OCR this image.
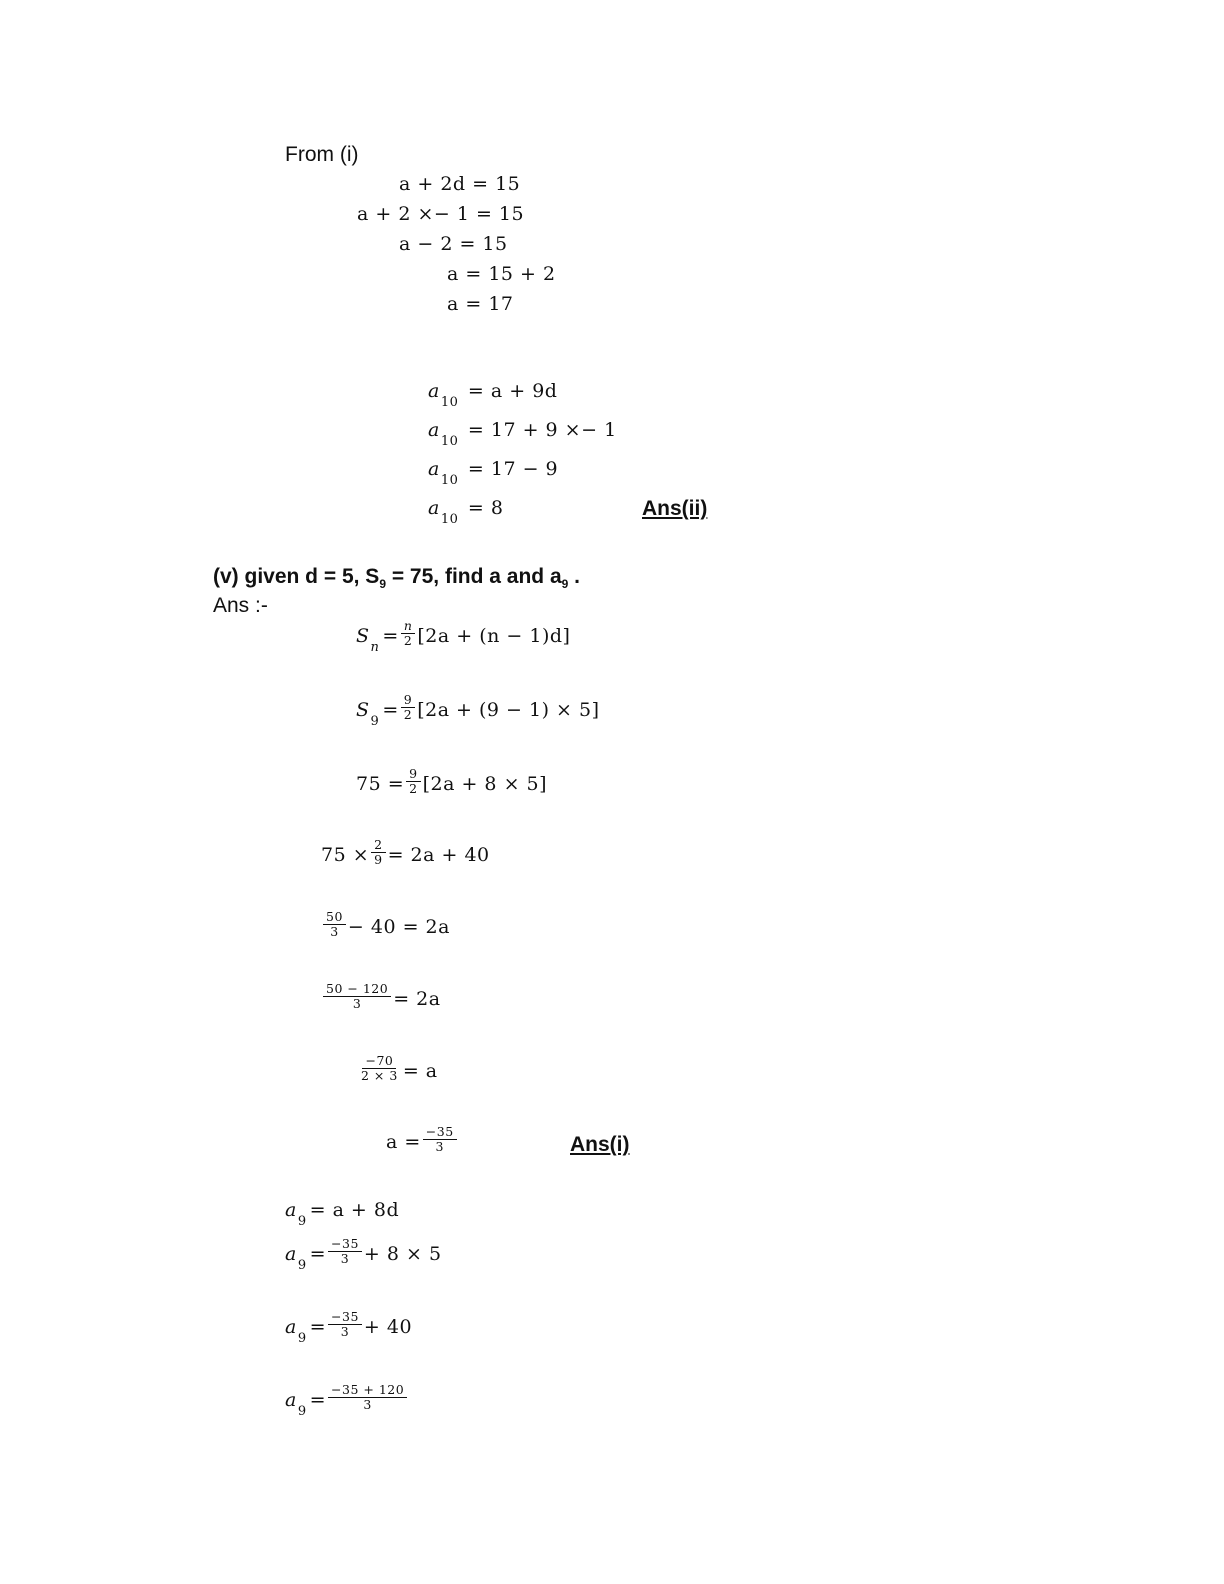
From (i)
a + 2d = 15
a + 2 ×− 1 = 15
a − 2 = 15
a = 15 + 2
a = 17
$a_{10} = a + 9d$
$a_{10} = 17 + 9 \times- 1$
$a_{10} = 17 - 9$
$a_{10} = 8$	Ans(ii)
(v) given d = 5, $S_9 = 75$, find a and $a_9$ .
Ans :-
$S_n= \frac{n}{2} [2a + (n - 1)d]$
$S_9= \frac{9}{2} [2a + (9 - 1) \times 5]$
$75 = \frac{9}{2} [2a + 8 \times 5]$
$75 \times \frac{2}{9} = 2a + 40$
$\frac{50}{3} - 40 = 2a$
$\frac{50 - 120}{3} = 2a$
$\frac{-70}{2 \times 3} = a$
$a = \frac{-35}{3}$	Ans(i)
$a_9= a + 8d$
$a_9= \frac{-35}{3} + 8 \times 5$
$a_9= \frac{-35}{3} + 40$
$a_9= \frac{-35 + 120}{3}$
